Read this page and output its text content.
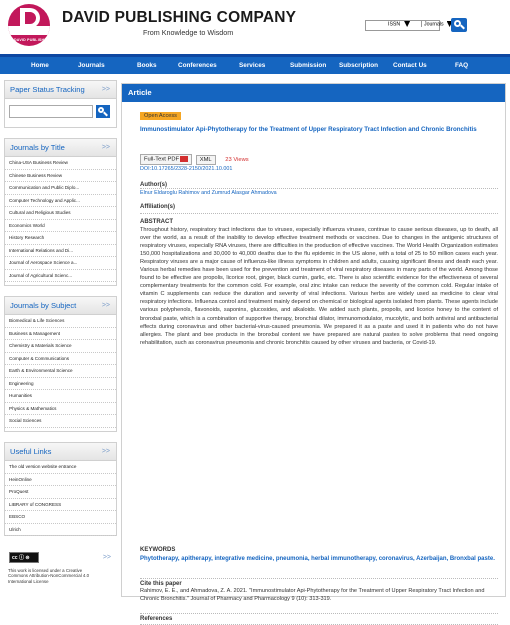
DAVID PUBLISHING
DAVID PUBLISHING COMPANY
From Knowledge to Wisdom
ISSN	Journals
Home	Journals	Books	Conferences	Services	Submission Subscription Contact Us	FAQ
Paper Status Tracking >>
Journals by Title	>>
China-USA Business Review
Chinese Business Review
Communication and Public Diplo...
Computer Technology and Applic...
Cultural and Religious Studies
Economics World
History Research
International Relations and Di...
Journal of Aerospace Science a...
Journal of Agricultural Scienc...
Journals by Subject	>>
Biomedical & Life Sciences
Business & Management
Chemistry & Materials Science
Computer & Communications
Earth & Environmental Science
Engineering
Humanities
Physics & Mathematics
Social Sciences
Useful Links	>>
The old version website entrance
HeinOnline
ProQuest
LIBRARY of CONGRESS
EBSCO
Ulrich
cc ⓘ ⊜	>>
This work is licensed under a Creative Commons Attribution-NonCommercial 4.0 International License
Article
Open Access
Immunostimulator Api-Phytotherapy for the Treatment of Upper Respiratory Tract Infection and Chronic Bronchitis
Full-Text PDF	XML 23 Views
DOI:10.17265/2328-2150/2021.10.001
Author(s)
Elnur Eldaroglu Rahimov and Zumrud Alasgar Ahmadova
Affiliation(s)
ABSTRACT
Throughout history, respiratory tract infections due to viruses, especially influenza viruses, continue to cause serious diseases, up to death, all over the world, as a result of the inability to develop effective treatment methods or vaccines. Due to changes in the antigenic structures of respiratory viruses, especially RNA viruses, there are difficulties in the production of effective vaccines. The World Health Organization estimates 150,000 hospitalizations and 30,000 to 40,000 deaths due to the flu epidemic in the US alone, with a total of 25 to 50 million cases each year. Respiratory viruses are a major cause of influenza-like illness symptoms in children and adults, causing significant illness and death each year. Various herbal remedies have been used for the prevention and treatment of viral respiratory diseases in many parts of the world. Among those found to be effective are propolis, licorice root, ginger, black cumin, garlic, etc. There is also scientific evidence for the effectiveness of several complementary treatments for the common cold. For example, oral zinc intake can reduce the severity of the common cold. Regular intake of vitamin C supplements can reduce the duration and severity of viral infections. Various herbs are widely used as medicine to clear viral respiratory infections. Influenza control and treatment mainly depend on chemical or biological agents isolated from plants. These agents include various polyphenols, flavonoids, saponins, glucosides, and alkaloids. We added such plants, propolis, and licorice honey to the content of bronxbal paste, which is a combination of supportive therapy, bronchial dilator, immunomodulator, mucolytic, and both antiviral and antibacterial effects during coronavirus and other bacterial-virus-caused pneumonia. We prepared it as a paste and used it in patients who do not have allergies. The plant and bee products in the bronxbal content we have prepared are natural pastes to solve problems that need ongoing rehabilitation, such as coronavirus pneumonia and chronic bronchitis caused by other viruses and bacteria, or Covid-19.
KEYWORDS
Phytotherapy, apitherapy, integrative medicine, pneumonia, herbal immunotherapy, coronavirus, Azerbaijan, Bronxbal paste.
Cite this paper
Rahimov, E. E., and Ahmadova, Z. A. 2021. "Immunostimulator Api-Phytotherapy for the Treatment of Upper Respiratory Tract Infection and Chronic Bronchitis." Journal of Pharmacy and Pharmacology 9 (10): 313-319.
References
